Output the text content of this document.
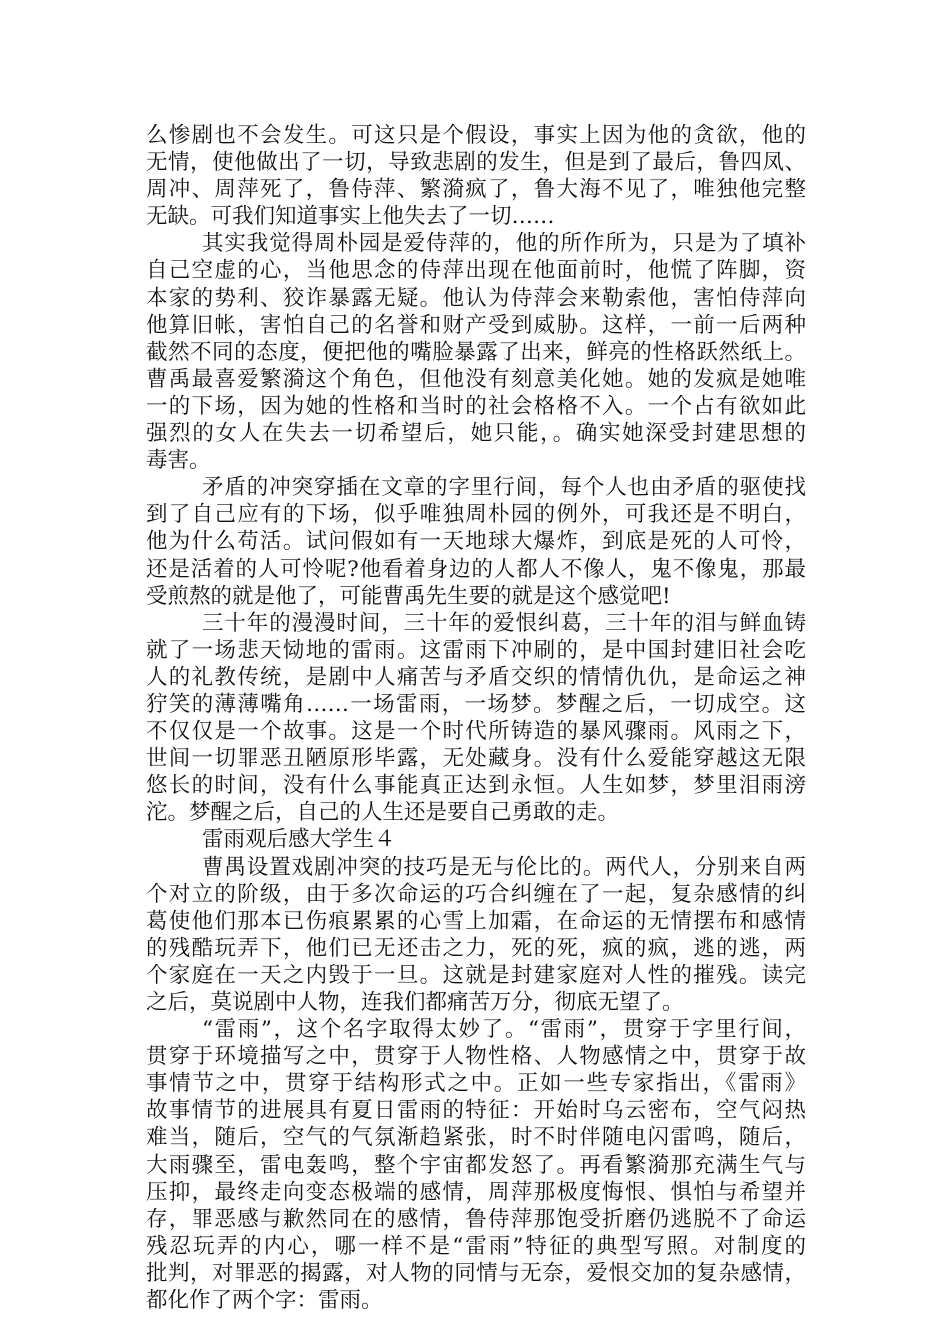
么惨剧也不会发生。可这只是个假设，事实上因为他的贪欲，他的
无情，使他做出了一切，导致悲剧的发生，但是到了最后，鲁四凤、
周冲、周萍死了，鲁侍萍、繁漪疯了，鲁大海不见了，唯独他完整
无缺。可我们知道事实上他失去了一切……
其实我觉得周朴园是爱侍萍的，他的所作所为，只是为了填补
自己空虚的心，当他思念的侍萍出现在他面前时，他慌了阵脚，资
本家的势利、狡诈暴露无疑。他认为侍萍会来勒索他，害怕侍萍向
他算旧帐，害怕自己的名誉和财产受到威胁。这样，一前一后两种
截然不同的态度，便把他的嘴脸暴露了出来，鲜亮的性格跃然纸上。
曹禹最喜爱繁漪这个角色，但他没有刻意美化她。她的发疯是她唯
一的下场，因为她的性格和当时的社会格格不入。一个占有欲如此
强烈的女人在失去一切希望后，她只能，。确实她深受封建思想的
毒害。
矛盾的冲突穿插在文章的字里行间，每个人也由矛盾的驱使找
到了自己应有的下场，似乎唯独周朴园的例外，可我还是不明白，
他为什么苟活。试问假如有一天地球大爆炸，到底是死的人可怜，
还是活着的人可怜呢?他看着身边的人都人不像人，鬼不像鬼，那最
受煎熬的就是他了，可能曹禹先生要的就是这个感觉吧!
三十年的漫漫时间，三十年的爱恨纠葛，三十年的泪与鲜血铸
就了一场悲天恸地的雷雨。这雷雨下冲刷的，是中国封建旧社会吃
人的礼教传统，是剧中人痛苦与矛盾交织的情情仇仇，是命运之神
狞笑的薄薄嘴角……一场雷雨，一场梦。梦醒之后，一切成空。这
不仅仅是一个故事。这是一个时代所铸造的暴风骤雨。风雨之下，
世间一切罪恶丑陋原形毕露，无处藏身。没有什么爱能穿越这无限
悠长的时间，没有什么事能真正达到永恒。人生如梦，梦里泪雨滂
沱。梦醒之后，自己的人生还是要自己勇敢的走。
雷雨观后感大学生４
曹禺设置戏剧冲突的技巧是无与伦比的。两代人，分别来自两
个对立的阶级，由于多次命运的巧合纠缠在了一起，复杂感情的纠
葛使他们那本已伤痕累累的心雪上加霜，在命运的无情摆布和感情
的残酷玩弄下，他们已无还击之力，死的死，疯的疯，逃的逃，两
个家庭在一天之内毁于一旦。这就是封建家庭对人性的摧残。读完
之后，莫说剧中人物，连我们都痛苦万分，彻底无望了。
“雷雨”，这个名字取得太妙了。“雷雨”，贯穿于字里行间，
贯穿于环境描写之中，贯穿于人物性格、人物感情之中，贯穿于故
事情节之中，贯穿于结构形式之中。正如一些专家指出，《雷雨》
故事情节的进展具有夏日雷雨的特征：开始时乌云密布，空气闷热
难当，随后，空气的气氛渐趋紧张，时不时伴随电闪雷鸣，随后，
大雨骤至，雷电轰鸣，整个宇宙都发怒了。再看繁漪那充满生气与
压抑，最终走向变态极端的感情，周萍那极度悔恨、惧怕与希望并
存，罪恶感与歉然同在的感情，鲁侍萍那饱受折磨仍逃脱不了命运
残忍玩弄的内心，哪一样不是“雷雨”特征的典型写照。对制度的
批判，对罪恶的揭露，对人物的同情与无奈，爱恨交加的复杂感情，
都化作了两个字：雷雨。
